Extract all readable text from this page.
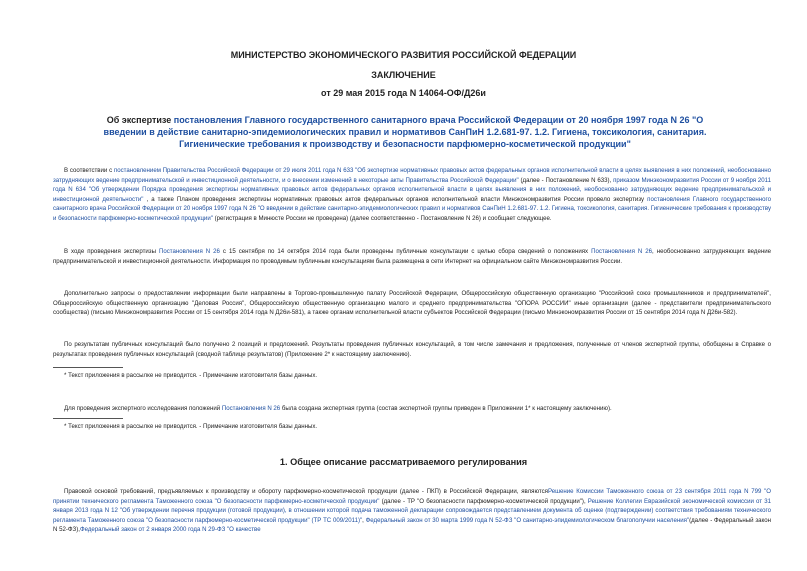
МИНИСТЕРСТВО ЭКОНОМИЧЕСКОГО РАЗВИТИЯ РОССИЙСКОЙ ФЕДЕРАЦИИ
ЗАКЛЮЧЕНИЕ
от 29 мая 2015 года N 14064-ОФ/Д26и
Об экспертизе постановления Главного государственного санитарного врача Российской Федерации от 20 ноября 1997 года N 26 "О введении в действие санитарно-эпидемиологических правил и нормативов СанПиН 1.2.681-97. 1.2. Гигиена, токсикология, санитария. Гигиенические требования к производству и безопасности парфюмерно-косметической продукции"
В соответствии с постановлением Правительства Российской Федерации от 29 июля 2011 года N 633 "Об экспертизе нормативных правовых актов федеральных органов исполнительной власти в целях выявления в них положений, необоснованно затрудняющих ведение предпринимательской и инвестиционной деятельности, и о внесении изменений в некоторые акты Правительства Российской Федерации" (далее - Постановление N 633), приказом Минэкономразвития России от 9 ноября 2011 года N 634 "Об утверждении Порядка проведения экспертизы нормативных правовых актов федеральных органов исполнительной власти в целях выявления в них положений, необоснованно затрудняющих ведение предпринимательской и инвестиционной деятельности" , а также Планом проведения экспертизы нормативных правовых актов федеральных органов исполнительной власти Минэкономразвития России провело экспертизу постановления Главного государственного санитарного врача Российской Федерации от 20 ноября 1997 года N 26 "О введении в действие санитарно-эпидемиологических правил и нормативов СанПиН 1.2.681-97. 1.2. Гигиена, токсикология, санитария. Гигиенические требования к производству и безопасности парфюмерно-косметической продукции" (регистрация в Минюсте России не проведена) (далее соответственно - Постановление N 26) и сообщает следующее.
В ходе проведения экспертизы Постановления N 26 с 15 сентября по 14 октября 2014 года были проведены публичные консультации с целью сбора сведений о положениях Постановления N 26, необоснованно затрудняющих ведение предпринимательской и инвестиционной деятельности. Информация по проводимым публичным консультациям была размещена в сети Интернет на официальном сайте Минэкономразвития России.
Дополнительно запросы о предоставлении информации были направлены в Торгово-промышленную палату Российской Федерации, Общероссийскую общественную организацию "Российский союз промышленников и предпринимателей", Общероссийскую общественную организацию "Деловая Россия", Общероссийскую общественную организацию малого и среднего предпринимательства "ОПОРА РОССИИ" иные организации (далее - представители предпринимательского сообщества) (письмо Минэкономразвития России от 15 сентября 2014 года N Д26и-581), а также органам исполнительной власти субъектов Российской Федерации (письмо Минэкономразвития России от 15 сентября 2014 года N Д26и-582).
По результатам публичных консультаций было получено 2 позиций и предложений. Результаты проведения публичных консультаций, в том числе замечания и предложения, полученные от членов экспертной группы, обобщены в Справке о результатах проведения публичных консультаций (сводной таблице результатов) (Приложение 2* к настоящему заключению).
* Текст приложения в рассылке не приводится. - Примечание изготовителя базы данных.
Для проведения экспертного исследования положений Постановления N 26 была создана экспертная группа (состав экспертной группы приведен в Приложении 1* к настоящему заключению).
* Текст приложения в рассылке не приводится. - Примечание изготовителя базы данных.
1. Общее описание рассматриваемого регулирования
Правовой основой требований, предъявляемых к производству и обороту парфюмерно-косметической продукции (далее - ПКП) в Российской Федерации, являютсяРешение Комиссии Таможенного союза от 23 сентября 2011 года N 799 "О принятии технического регламента Таможенного союза "О безопасности парфюмерно-косметической продукции" (далее - ТР "О безопасности парфюмерно-косметической продукции"), Решение Коллегии Евразийской экономической комиссии от 31 января 2013 года N 12 "Об утверждении перечня продукции (готовой продукции), в отношении которой подача таможенной декларации сопровождается представлением документа об оценке (подтверждении) соответствия требованиям технического регламента Таможенного союза "О безопасности парфюмерно-косметической продукции" (ТР ТС 009/2011)", Федеральный закон от 30 марта 1999 года N 52-ФЗ "О санитарно-эпидемиологическом благополучии населения"(далее - Федеральный закон N 52-ФЗ),Федеральный закон от 2 января 2000 года N 29-ФЗ "О качестве
